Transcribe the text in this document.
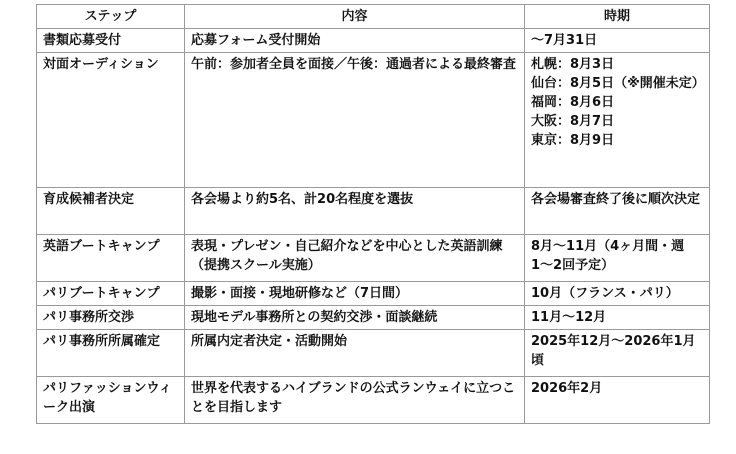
ステップ	内容	時期
書類応募受付	応募フォーム受付開始	〜7月31日

対面オーディション	午前：参加者全員を面接／午後：通過者による最終審査	札幌：8月3日
仙台：8月5日（※開催未定）
福岡：8月6日
大阪：8月7日
東京：8月9日

育成候補者決定	各会場より約5名、計20名程度を選抜	各会場審査終了後に順次決定

英語ブートキャンプ	表現・プレゼン・自己紹介などを中心とした英語訓練（提携スクール実施）	8月〜11月（4ヶ月間・週1〜2回予定）

パリブートキャンプ	撮影・面接・現地研修など（7日間）	10月（フランス・パリ）

パリ事務所交渉	現地モデル事務所との契約交渉・面談継続	11月〜12月

パリ事務所所属確定	所属内定者決定・活動開始	2025年12月〜2026年1月頃

パリファッションウィーク出演	世界を代表するハイブランドの公式ランウェイに立つことを目指します	2026年2月
